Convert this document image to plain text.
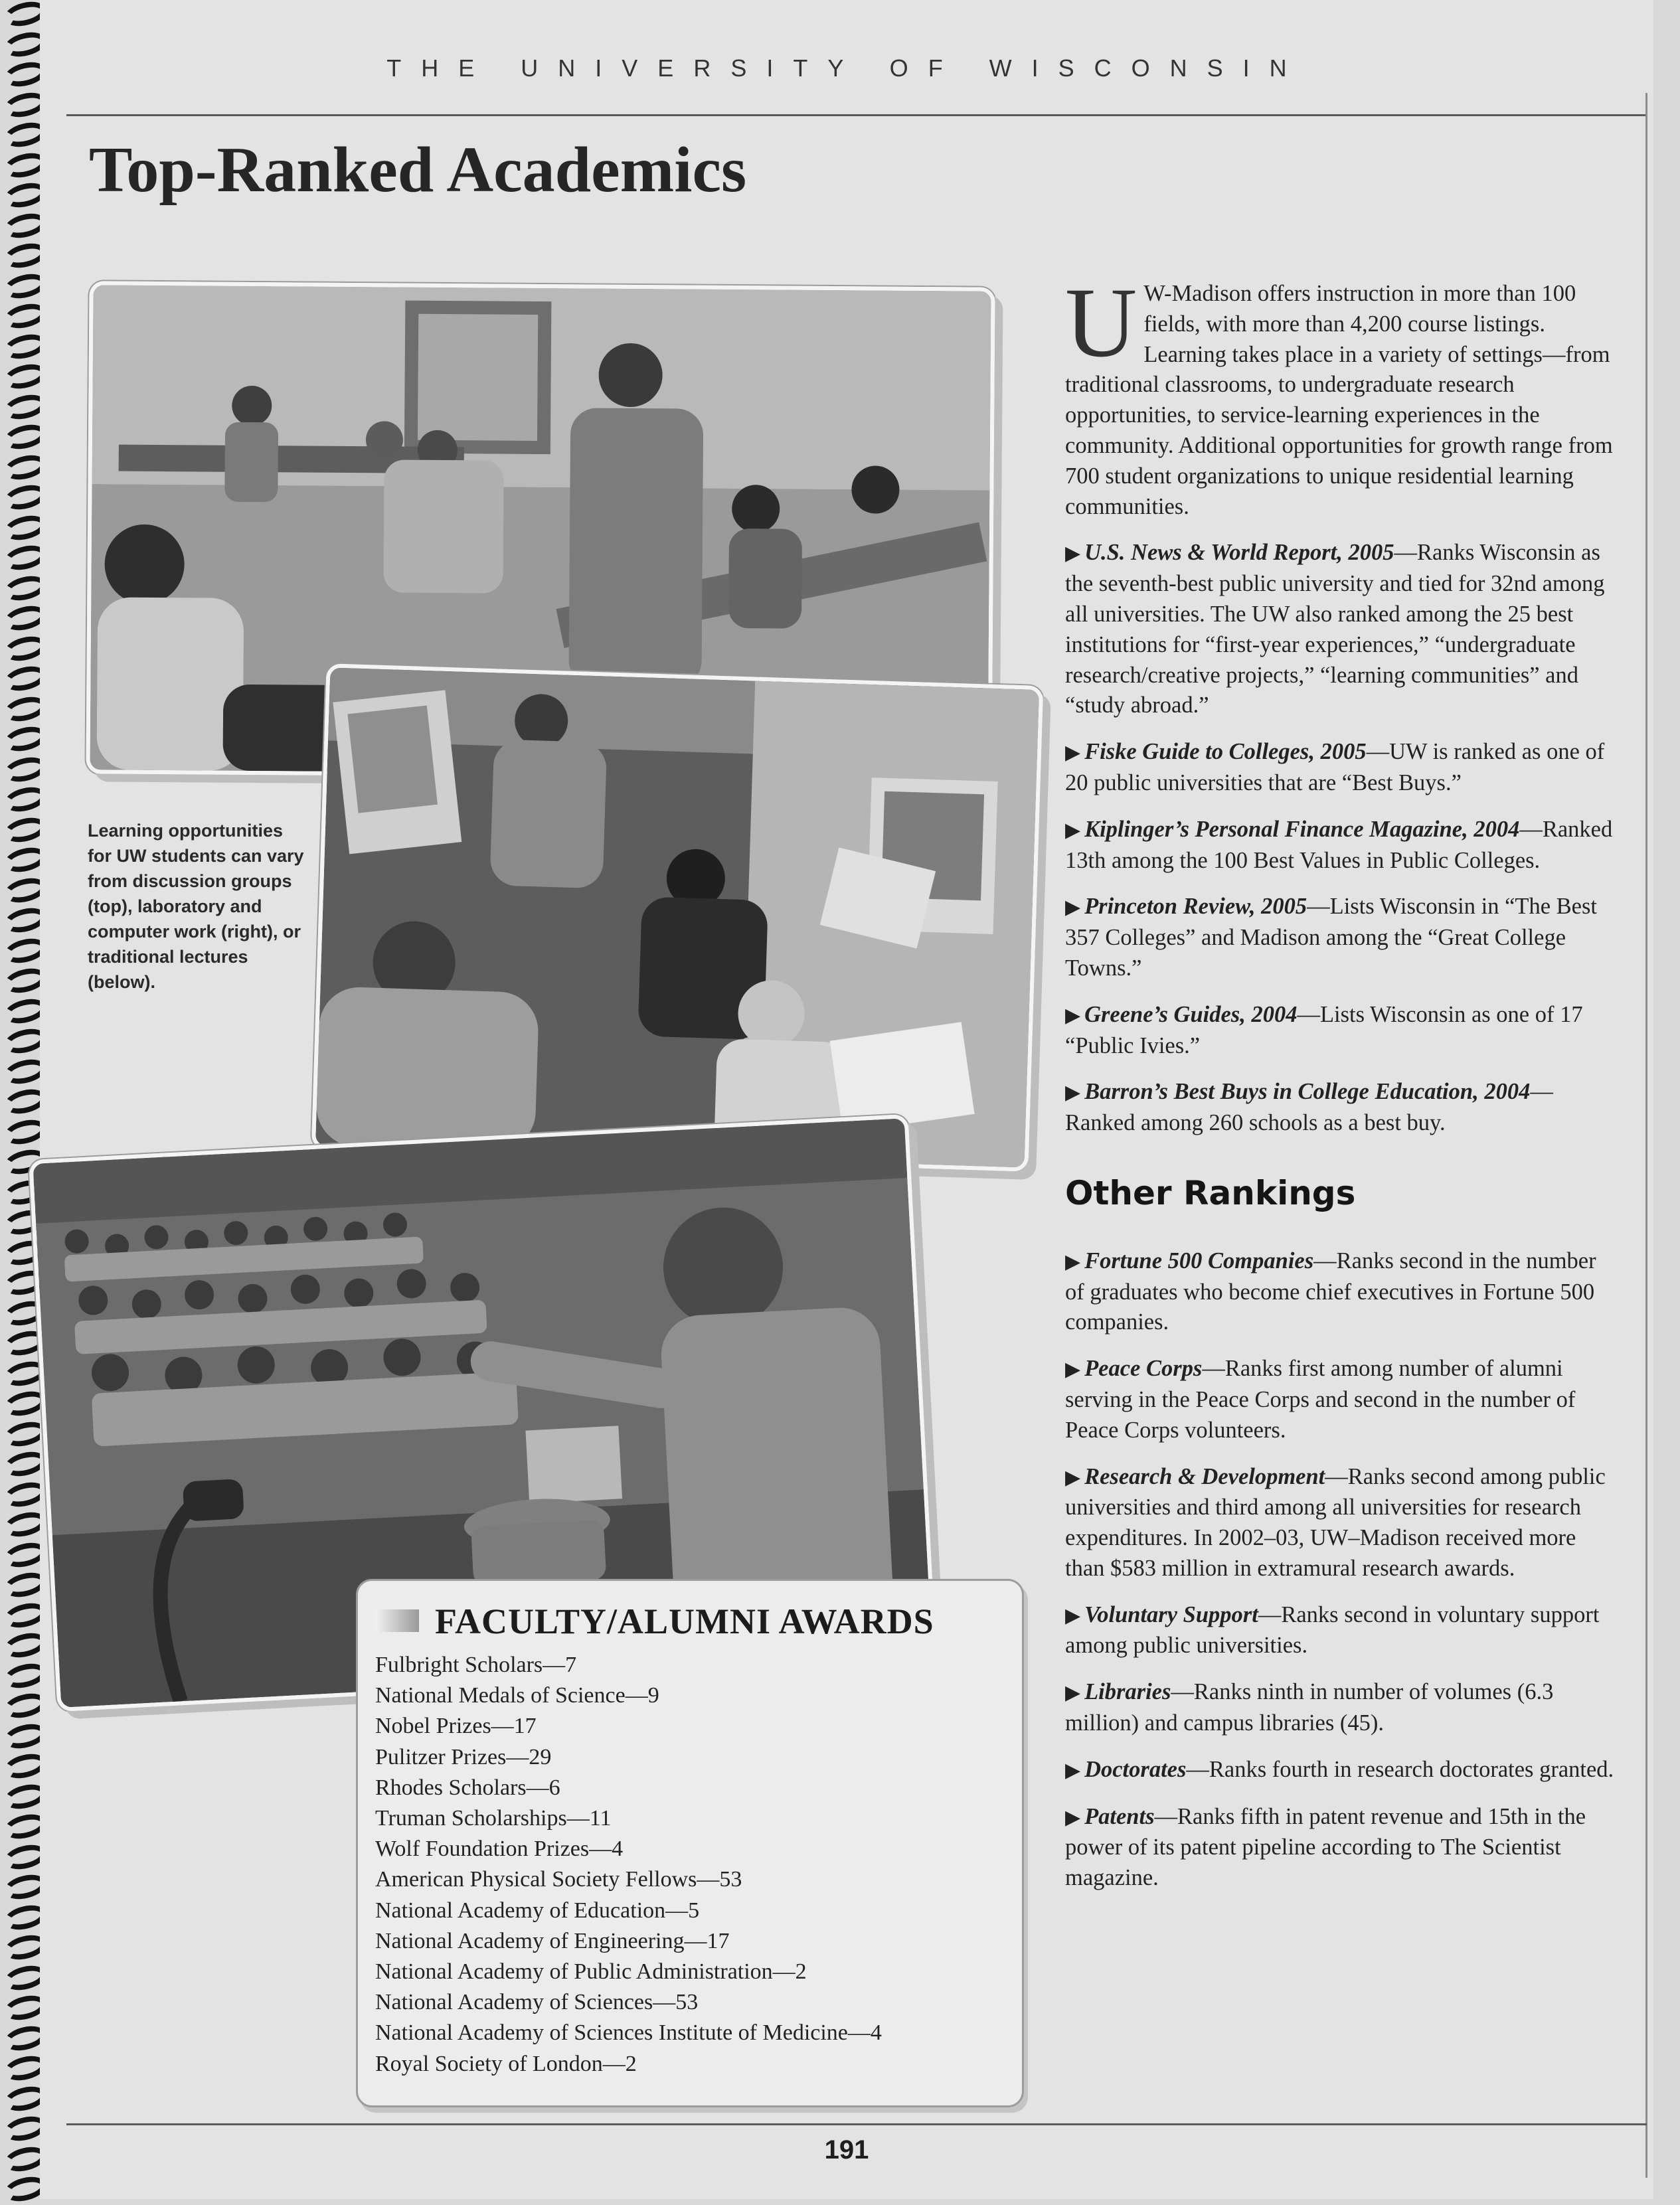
THE UNIVERSITY OF WISCONSIN
Top-Ranked Academics
Learning opportunities for UW students can vary from discussion groups (top), laboratory and computer work (right), or traditional lectures (below).
FACULTY/ALUMNI AWARDS
Fulbright Scholars—7
National Medals of Science—9
Nobel Prizes—17
Pulitzer Prizes—29
Rhodes Scholars—6
Truman Scholarships—11
Wolf Foundation Prizes—4
American Physical Society Fellows—53
National Academy of Education—5
National Academy of Engineering—17
National Academy of Public Administration—2
National Academy of Sciences—53
National Academy of Sciences Institute of Medicine—4
Royal Society of London—2

UW-Madison offers instruction in more than 100 fields, with more than 4,200 course listings. Learning takes place in a variety of settings—from traditional classrooms, to undergraduate research opportunities, to service-learning experiences in the community. Additional opportunities for growth range from 700 student organizations to unique residential learning communities.

▶ U.S. News & World Report, 2005—Ranks Wisconsin as the seventh-best public university and tied for 32nd among all universities. The UW also ranked among the 25 best institutions for “first-year experiences,” “undergraduate research/creative projects,” “learning communities” and “study abroad.”

▶ Fiske Guide to Colleges, 2005—UW is ranked as one of 20 public universities that are “Best Buys.”

▶ Kiplinger’s Personal Finance Magazine, 2004—Ranked 13th among the 100 Best Values in Public Colleges.

▶ Princeton Review, 2005—Lists Wisconsin in “The Best 357 Colleges” and Madison among the “Great College Towns.”

▶ Greene’s Guides, 2004—Lists Wisconsin as one of 17 “Public Ivies.”

▶ Barron’s Best Buys in College Education, 2004—Ranked among 260 schools as a best buy.

Other Rankings

▶ Fortune 500 Companies—Ranks second in the number of graduates who become chief executives in Fortune 500 companies.

▶ Peace Corps—Ranks first among number of alumni serving in the Peace Corps and second in the number of Peace Corps volunteers.

▶ Research & Development—Ranks second among public universities and third among all universities for research expenditures. In 2002–03, UW–Madison received more than $583 million in extramural research awards.

▶ Voluntary Support—Ranks second in voluntary support among public universities.

▶ Libraries—Ranks ninth in number of volumes (6.3 million) and campus libraries (45).

▶ Doctorates—Ranks fourth in research doctorates granted.

▶ Patents—Ranks fifth in patent revenue and 15th in the power of its patent pipeline according to The Scientist magazine.

191
